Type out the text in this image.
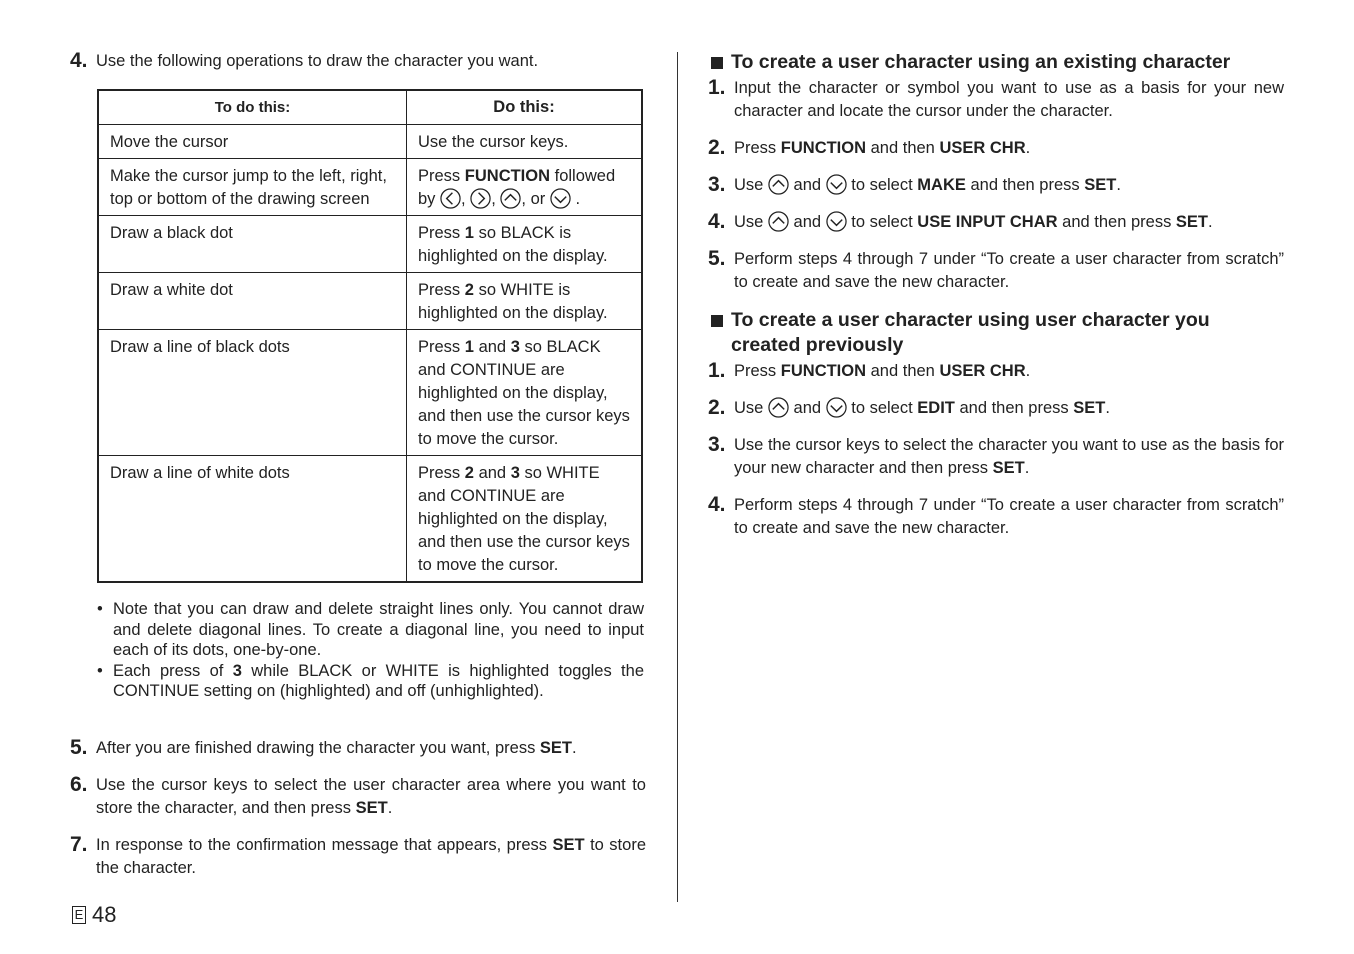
4. Use the following operations to draw the character you want.
To do this:	Do this:
Move the cursor	Use the cursor keys.
Make the cursor jump to the left, right, top or bottom of the drawing screen	Press FUNCTION followed by , , , or .
Draw a black dot	Press 1 so BLACK is highlighted on the display.
Draw a white dot	Press 2 so WHITE is highlighted on the display.
Draw a line of black dots	Press 1 and 3 so BLACK and CONTINUE are highlighted on the display, and then use the cursor keys to move the cursor.
Draw a line of white dots	Press 2 and 3 so WHITE and CONTINUE are highlighted on the display, and then use the cursor keys to move the cursor.
• Note that you can draw and delete straight lines only. You cannot draw and delete diagonal lines. To create a diagonal line, you need to input each of its dots, one-by-one.
• Each press of 3 while BLACK or WHITE is highlighted toggles the CONTINUE setting on (highlighted) and off (unhighlighted).
5. After you are finished drawing the character you want, press SET.
6. Use the cursor keys to select the user character area where you want to store the character, and then press SET.
7. In response to the confirmation message that appears, press SET to store the character.
To create a user character using an existing character
1. Input the character or symbol you want to use as a basis for your new character and locate the cursor under the character.
2. Press FUNCTION and then USER CHR.
3. Use and to select MAKE and then press SET.
4. Use and to select USE INPUT CHAR and then press SET.
5. Perform steps 4 through 7 under “To create a user character from scratch” to create and save the new character.
To create a user character using user character you created previously
1. Press FUNCTION and then USER CHR.
2. Use and to select EDIT and then press SET.
3. Use the cursor keys to select the character you want to use as the basis for your new character and then press SET.
4. Perform steps 4 through 7 under “To create a user character from scratch” to create and save the new character.
E 48
